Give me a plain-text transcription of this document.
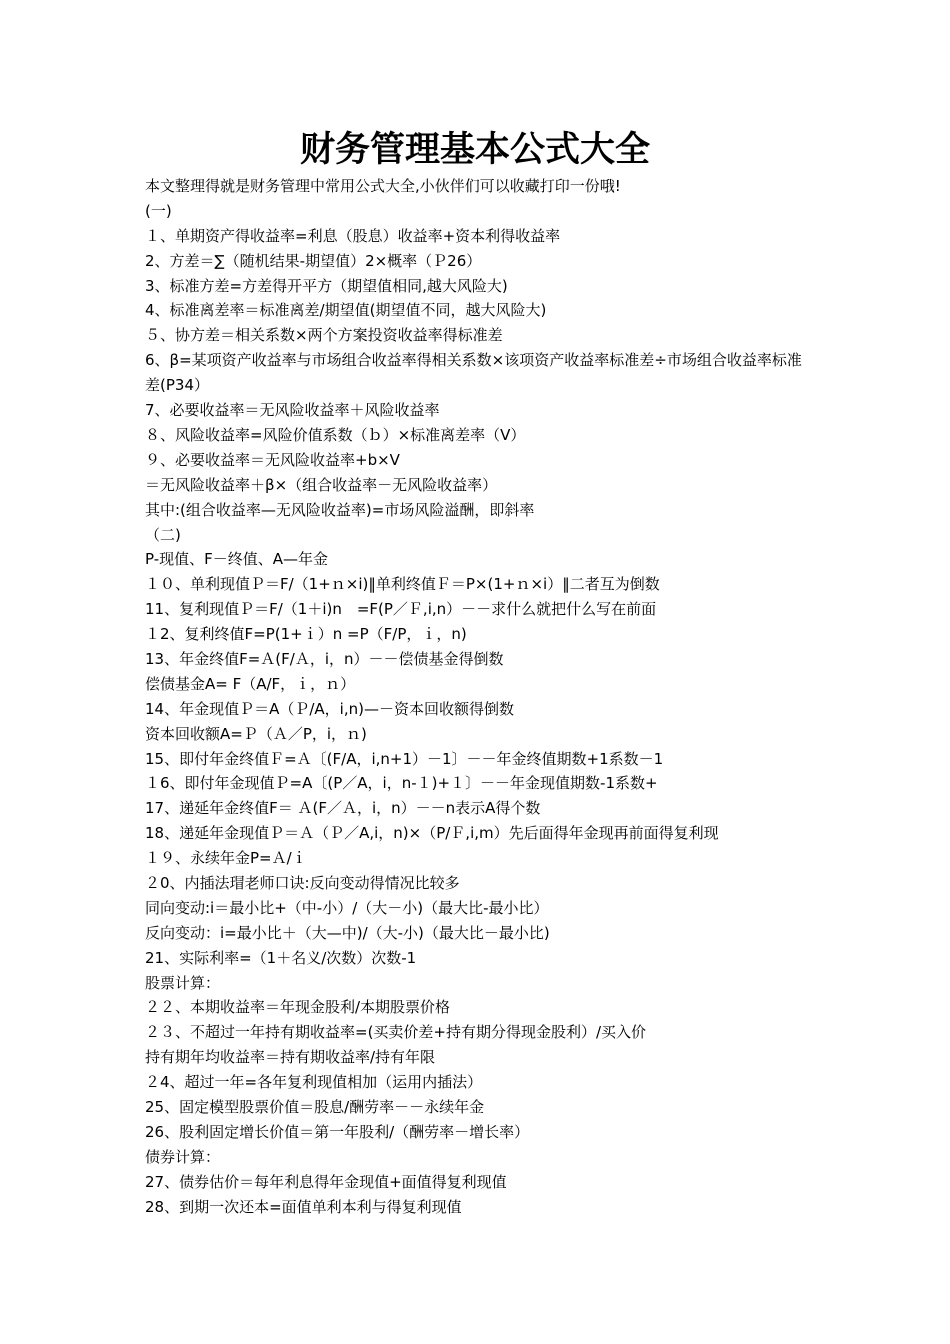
财务管理基本公式大全

本文整理得就是财务管理中常用公式大全,小伙伴们可以收藏打印一份哦!

(一)

１、单期资产得收益率=利息（股息）收益率+资本利得收益率

2、方差＝∑（随机结果-期望值）2×概率（Ｐ26）

3、标准方差=方差得开平方（期望值相同,越大风险大)

4、标准离差率＝标准离差/期望值(期望值不同，越大风险大)

５、协方差＝相关系数×两个方案投资收益率得标准差

6、β=某项资产收益率与市场组合收益率得相关系数×该项资产收益率标准差÷市场组合收益率标准差(P34）

7、必要收益率＝无风险收益率＋风险收益率

８、风险收益率=风险价值系数（ｂ）×标准离差率（V）

９、必要收益率＝无风险收益率+b×V

＝无风险收益率＋β×（组合收益率－无风险收益率）

其中:(组合收益率—无风险收益率)=市场风险溢酬，即斜率

（二)

P-现值、F－终值、A—年金

１０、单利现值Ｐ＝F/（1+ｎ×i)‖单利终值Ｆ＝P×(1+ｎ×i）‖二者互为倒数

11、复利现值Ｐ＝F/（1＋i)n　=F(P／Ｆ,i,n）－－求什么就把什么写在前面

１2、复利终值F=P(1+ｉ）n =P（F/P，ｉ，n)

13、年金终值F=Ａ(F/Ａ，i，n）－－偿债基金得倒数

偿债基金A= F（A/F，ｉ，ｎ）

14、年金现值Ｐ＝A（Ｐ/A，i,n)—－资本回收额得倒数

资本回收额A=Ｐ（Ａ／P，i，ｎ)

15、即付年金终值Ｆ=Ａ〔(F/A，i,n+1）－1〕－－年金终值期数+1系数－1

１6、即付年金现值Ｐ=A〔(P／A，i，n-１)+１〕－－年金现值期数-1系数+

17、递延年金终值F＝ Ａ(F／Ａ，i，n）－－n表示A得个数

18、递延年金现值Ｐ＝Ａ（Ｐ／A,i，n)×（P/Ｆ,i,m）先后面得年金现再前面得复利现

１９、永续年金P=Ａ/ｉ

２0、内插法瑁老师口诀:反向变动得情况比较多

同向变动:i＝最小比+（中-小）/（大－小)（最大比-最小比）

反向变动：i=最小比＋（大—中)/（大-小)（最大比－最小比)

21、实际利率=（1＋名义/次数）次数-1

股票计算：

２２、本期收益率＝年现金股利/本期股票价格

２３、不超过一年持有期收益率=(买卖价差+持有期分得现金股利）/买入价

持有期年均收益率＝持有期收益率/持有年限

２4、超过一年=各年复利现值相加（运用内插法）

25、固定模型股票价值＝股息/酬劳率－－永续年金

26、股利固定增长价值＝第一年股利/（酬劳率－增长率）

债券计算：

27、债券估价＝每年利息得年金现值+面值得复利现值

28、到期一次还本=面值单利本利与得复利现值
